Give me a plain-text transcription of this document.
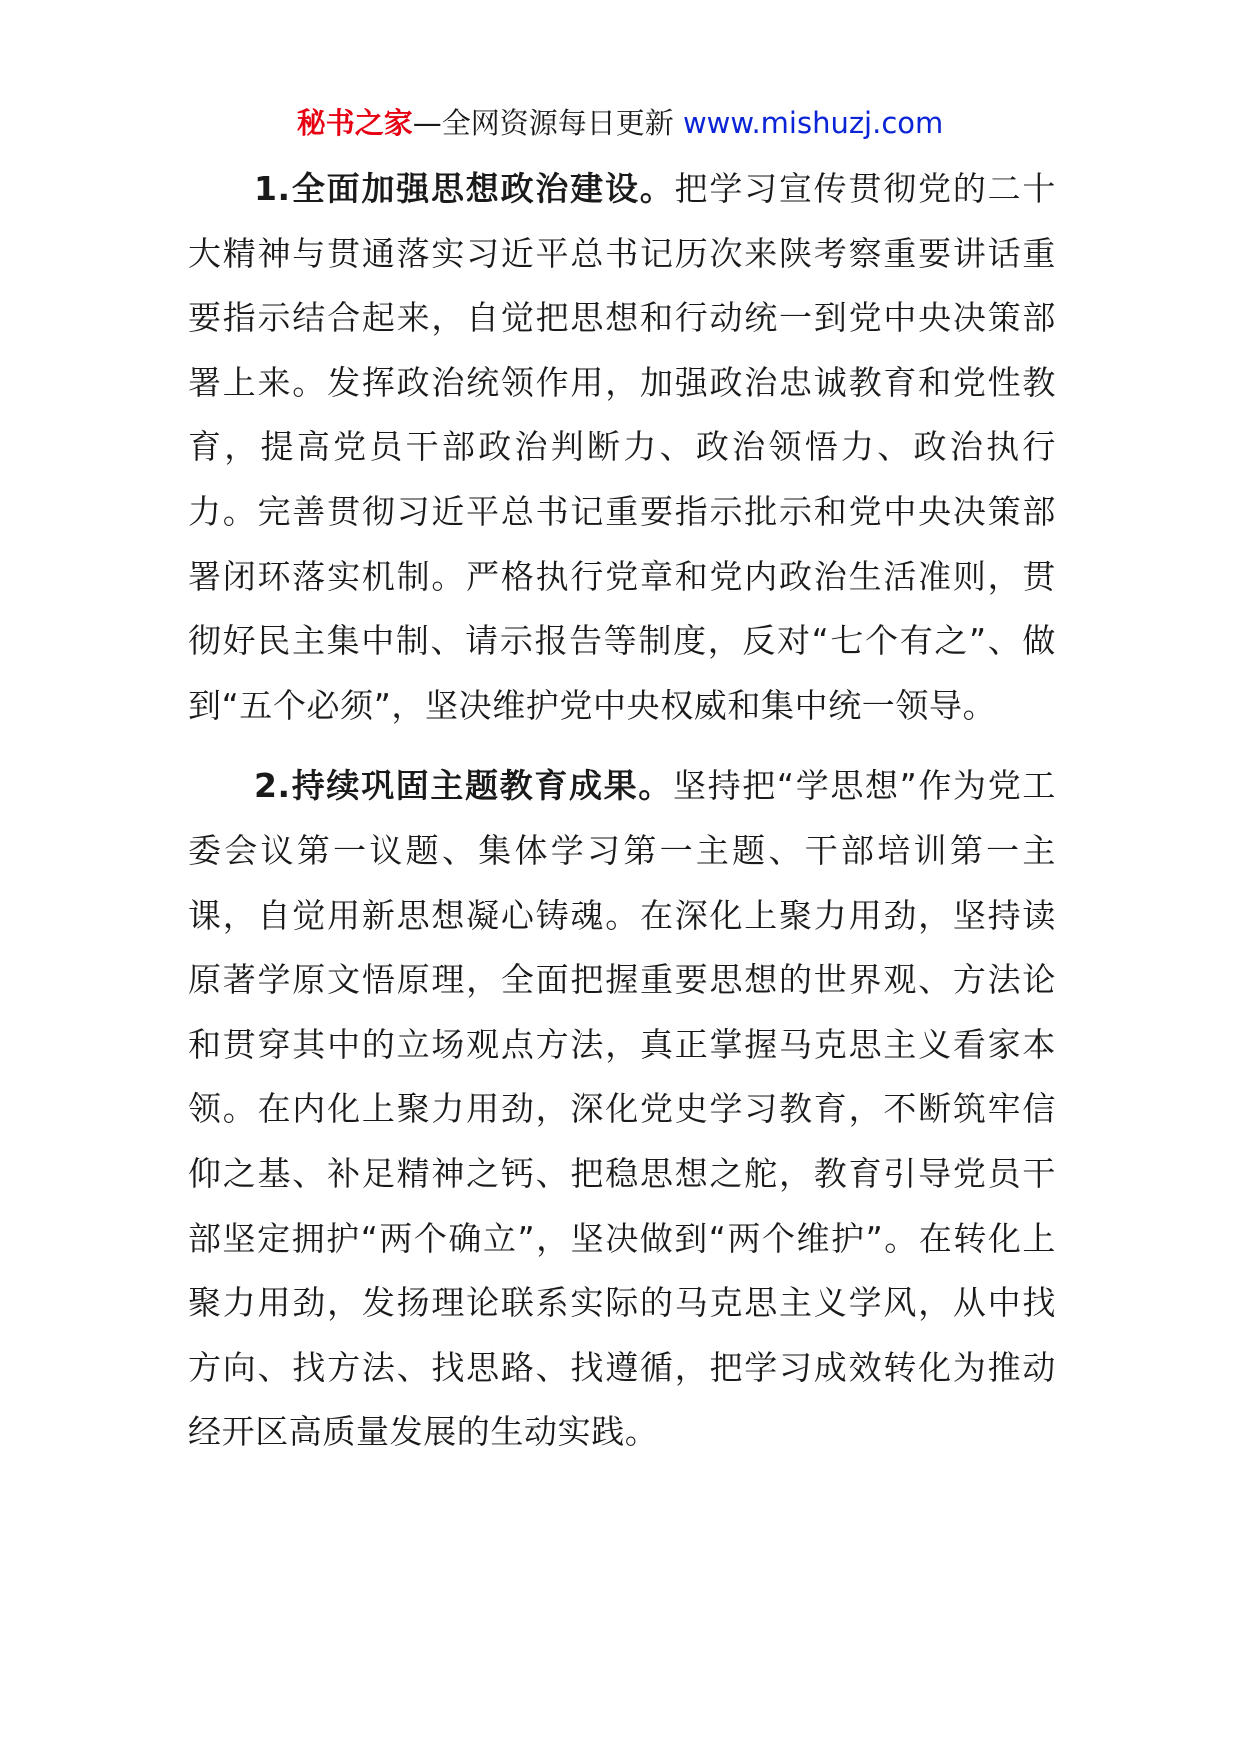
秘书之家—全网资源每日更新 www.mishuzj.com

1.全面加强思想政治建设。把学习宣传贯彻党的二十大精神与贯通落实习近平总书记历次来陕考察重要讲话重要指示结合起来，自觉把思想和行动统一到党中央决策部署上来。发挥政治统领作用，加强政治忠诚教育和党性教育，提高党员干部政治判断力、政治领悟力、政治执行力。完善贯彻习近平总书记重要指示批示和党中央决策部署闭环落实机制。严格执行党章和党内政治生活准则，贯彻好民主集中制、请示报告等制度，反对“七个有之”、做到“五个必须”，坚决维护党中央权威和集中统一领导。

2.持续巩固主题教育成果。坚持把“学思想”作为党工委会议第一议题、集体学习第一主题、干部培训第一主课，自觉用新思想凝心铸魂。在深化上聚力用劲，坚持读原著学原文悟原理，全面把握重要思想的世界观、方法论和贯穿其中的立场观点方法，真正掌握马克思主义看家本领。在内化上聚力用劲，深化党史学习教育，不断筑牢信仰之基、补足精神之钙、把稳思想之舵，教育引导党员干部坚定拥护“两个确立”，坚决做到“两个维护”。在转化上聚力用劲，发扬理论联系实际的马克思主义学风，从中找方向、找方法、找思路、找遵循，把学习成效转化为推动经开区高质量发展的生动实践。
